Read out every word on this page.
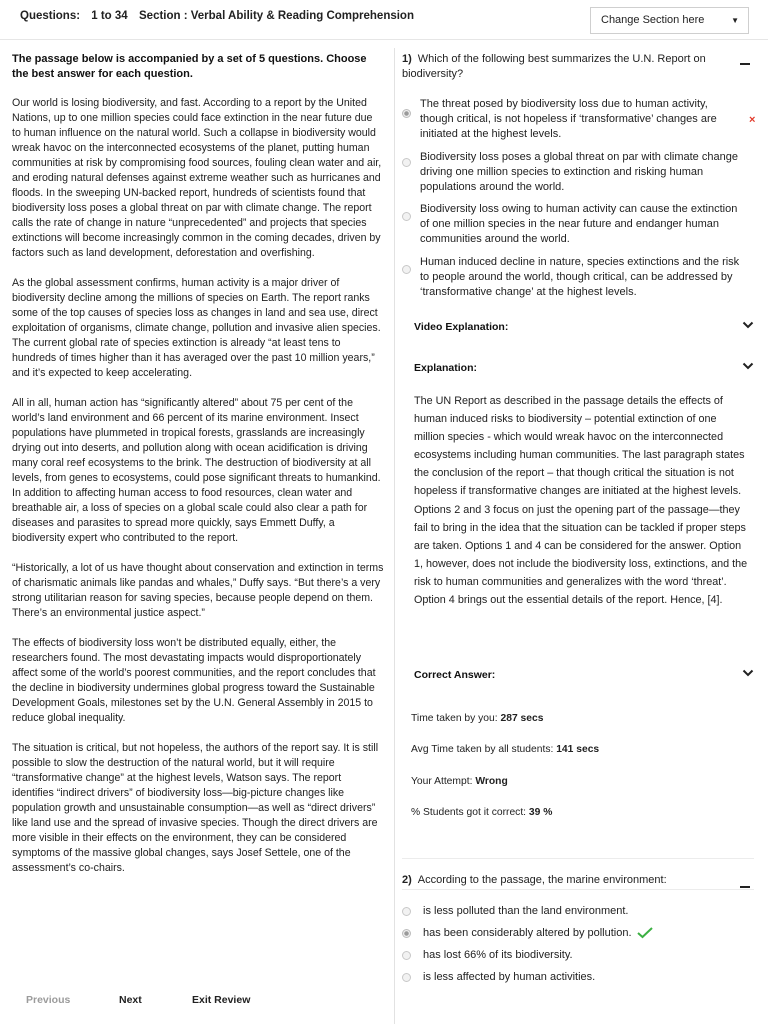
Questions: 1 to 34 Section : Verbal Ability & Reading Comprehension	Change Section here	▼
The passage below is accompanied by a set of 5 questions. Choose the best answer for each question.

Our world is losing biodiversity, and fast. According to a report by the United Nations, up to one million species could face extinction in the near future due to human influence on the natural world. Such a collapse in biodiversity would wreak havoc on the interconnected ecosystems of the planet, putting human communities at risk by compromising food sources, fouling clean water and air, and eroding natural defenses against extreme weather such as hurricanes and floods. In the sweeping UN-backed report, hundreds of scientists found that biodiversity loss poses a global threat on par with climate change. The report calls the rate of change in nature “unprecedented” and projects that species extinctions will become increasingly common in the coming decades, driven by factors such as land development, deforestation and overfishing.

As the global assessment confirms, human activity is a major driver of biodiversity decline among the millions of species on Earth. The report ranks some of the top causes of species loss as changes in land and sea use, direct exploitation of organisms, climate change, pollution and invasive alien species. The current global rate of species extinction is already “at least tens to hundreds of times higher than it has averaged over the past 10 million years,” and it’s expected to keep accelerating.

All in all, human action has “significantly altered” about 75 per cent of the world’s land environment and 66 percent of its marine environment. Insect populations have plummeted in tropical forests, grasslands are increasingly drying out into deserts, and pollution along with ocean acidification is driving many coral reef ecosystems to the brink. The destruction of biodiversity at all levels, from genes to ecosystems, could pose significant threats to humankind. In addition to affecting human access to food resources, clean water and breathable air, a loss of species on a global scale could also clear a path for diseases and parasites to spread more quickly, says Emmett Duffy, a biodiversity expert who contributed to the report.

“Historically, a lot of us have thought about conservation and extinction in terms of charismatic animals like pandas and whales,” Duffy says. “But there’s a very strong utilitarian reason for saving species, because people depend on them. There’s an environmental justice aspect.”

The effects of biodiversity loss won’t be distributed equally, either, the researchers found. The most devastating impacts would disproportionately affect some of the world’s poorest communities, and the report concludes that the decline in biodiversity undermines global progress toward the Sustainable Development Goals, milestones set by the U.N. General Assembly in 2015 to reduce global inequality.

The situation is critical, but not hopeless, the authors of the report say. It is still possible to slow the destruction of the natural world, but it will require “transformative change” at the highest levels, Watson says. The report identifies “indirect drivers” of biodiversity loss—big-picture changes like population growth and unsustainable consumption—as well as “direct drivers” like land use and the spread of invasive species. Though the direct drivers are more visible in their effects on the environment, they can be considered symptoms of the massive global changes, says Josef Settele, one of the assessment’s co-chairs.

Previous	Next	Exit Review
1) Which of the following best summarizes the U.N. Report on biodiversity?
The threat posed by biodiversity loss due to human activity, though critical, is not hopeless if ‘transformative’ changes are initiated at the highest levels.
×
Biodiversity loss poses a global threat on par with climate change driving one million species to extinction and risking human populations around the world.
Biodiversity loss owing to human activity can cause the extinction of one million species in the near future and endanger human communities around the world.
Human induced decline in nature, species extinctions and the risk to people around the world, though critical, can be addressed by ‘transformative change’ at the highest levels.
Video Explanation:
Explanation:
The UN Report as described in the passage details the effects of human induced risks to biodiversity – potential extinction of one million species - which would wreak havoc on the interconnected ecosystems including human communities. The last paragraph states the conclusion of the report – that though critical the situation is not hopeless if transformative changes are initiated at the highest levels. Options 2 and 3 focus on just the opening part of the passage—they fail to bring in the idea that the situation can be tackled if proper steps are taken. Options 1 and 4 can be considered for the answer. Option 1, however, does not include the biodiversity loss, extinctions, and the risk to human communities and generalizes with the word ‘threat’. Option 4 brings out the essential details of the report. Hence, [4].
Correct Answer:
Time taken by you: 287 secs
Avg Time taken by all students: 141 secs
Your Attempt: Wrong
% Students got it correct: 39 %
2) According to the passage, the marine environment:
is less polluted than the land environment.
has been considerably altered by pollution.
has lost 66% of its biodiversity.
is less affected by human activities.
